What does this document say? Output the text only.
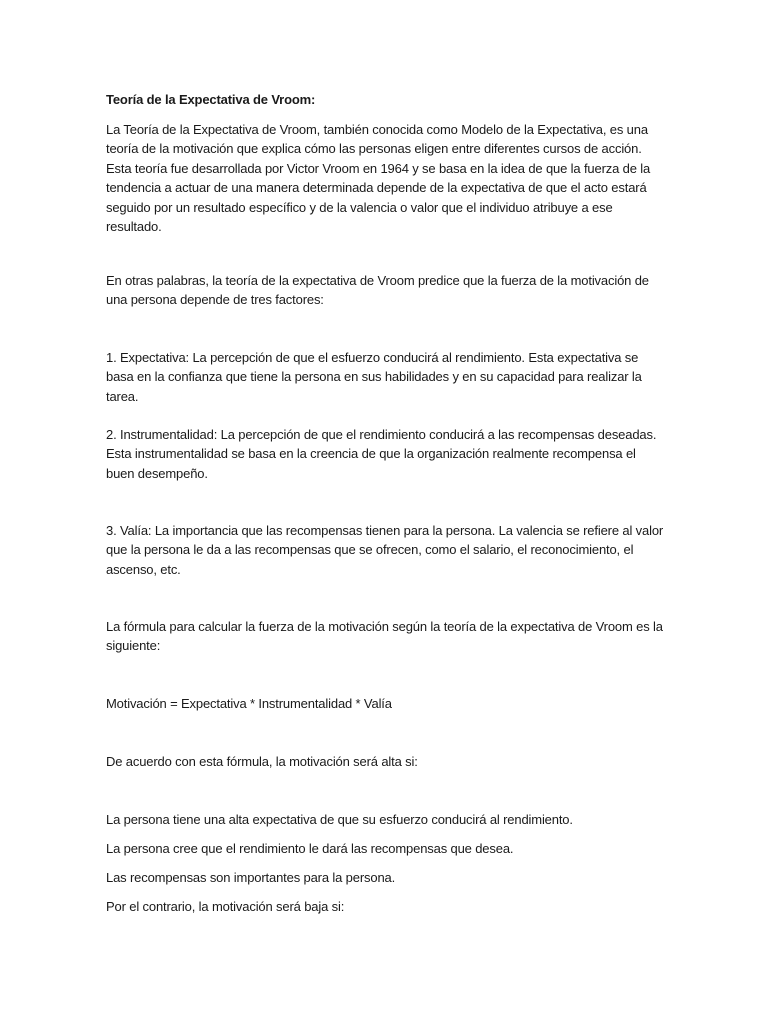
Teoría de la Expectativa de Vroom:

La Teoría de la Expectativa de Vroom, también conocida como Modelo de la Expectativa, es una teoría de la motivación que explica cómo las personas eligen entre diferentes cursos de acción. Esta teoría fue desarrollada por Victor Vroom en 1964 y se basa en la idea de que la fuerza de la tendencia a actuar de una manera determinada depende de la expectativa de que el acto estará seguido por un resultado específico y de la valencia o valor que el individuo atribuye a ese resultado.

En otras palabras, la teoría de la expectativa de Vroom predice que la fuerza de la motivación de una persona depende de tres factores:

1. Expectativa: La percepción de que el esfuerzo conducirá al rendimiento. Esta expectativa se basa en la confianza que tiene la persona en sus habilidades y en su capacidad para realizar la tarea.

2. Instrumentalidad: La percepción de que el rendimiento conducirá a las recompensas deseadas. Esta instrumentalidad se basa en la creencia de que la organización realmente recompensa el buen desempeño.

3. Valía: La importancia que las recompensas tienen para la persona. La valencia se refiere al valor que la persona le da a las recompensas que se ofrecen, como el salario, el reconocimiento, el ascenso, etc.

La fórmula para calcular la fuerza de la motivación según la teoría de la expectativa de Vroom es la siguiente:

Motivación = Expectativa * Instrumentalidad * Valía

De acuerdo con esta fórmula, la motivación será alta si:

La persona tiene una alta expectativa de que su esfuerzo conducirá al rendimiento.

La persona cree que el rendimiento le dará las recompensas que desea.

Las recompensas son importantes para la persona.

Por el contrario, la motivación será baja si:
